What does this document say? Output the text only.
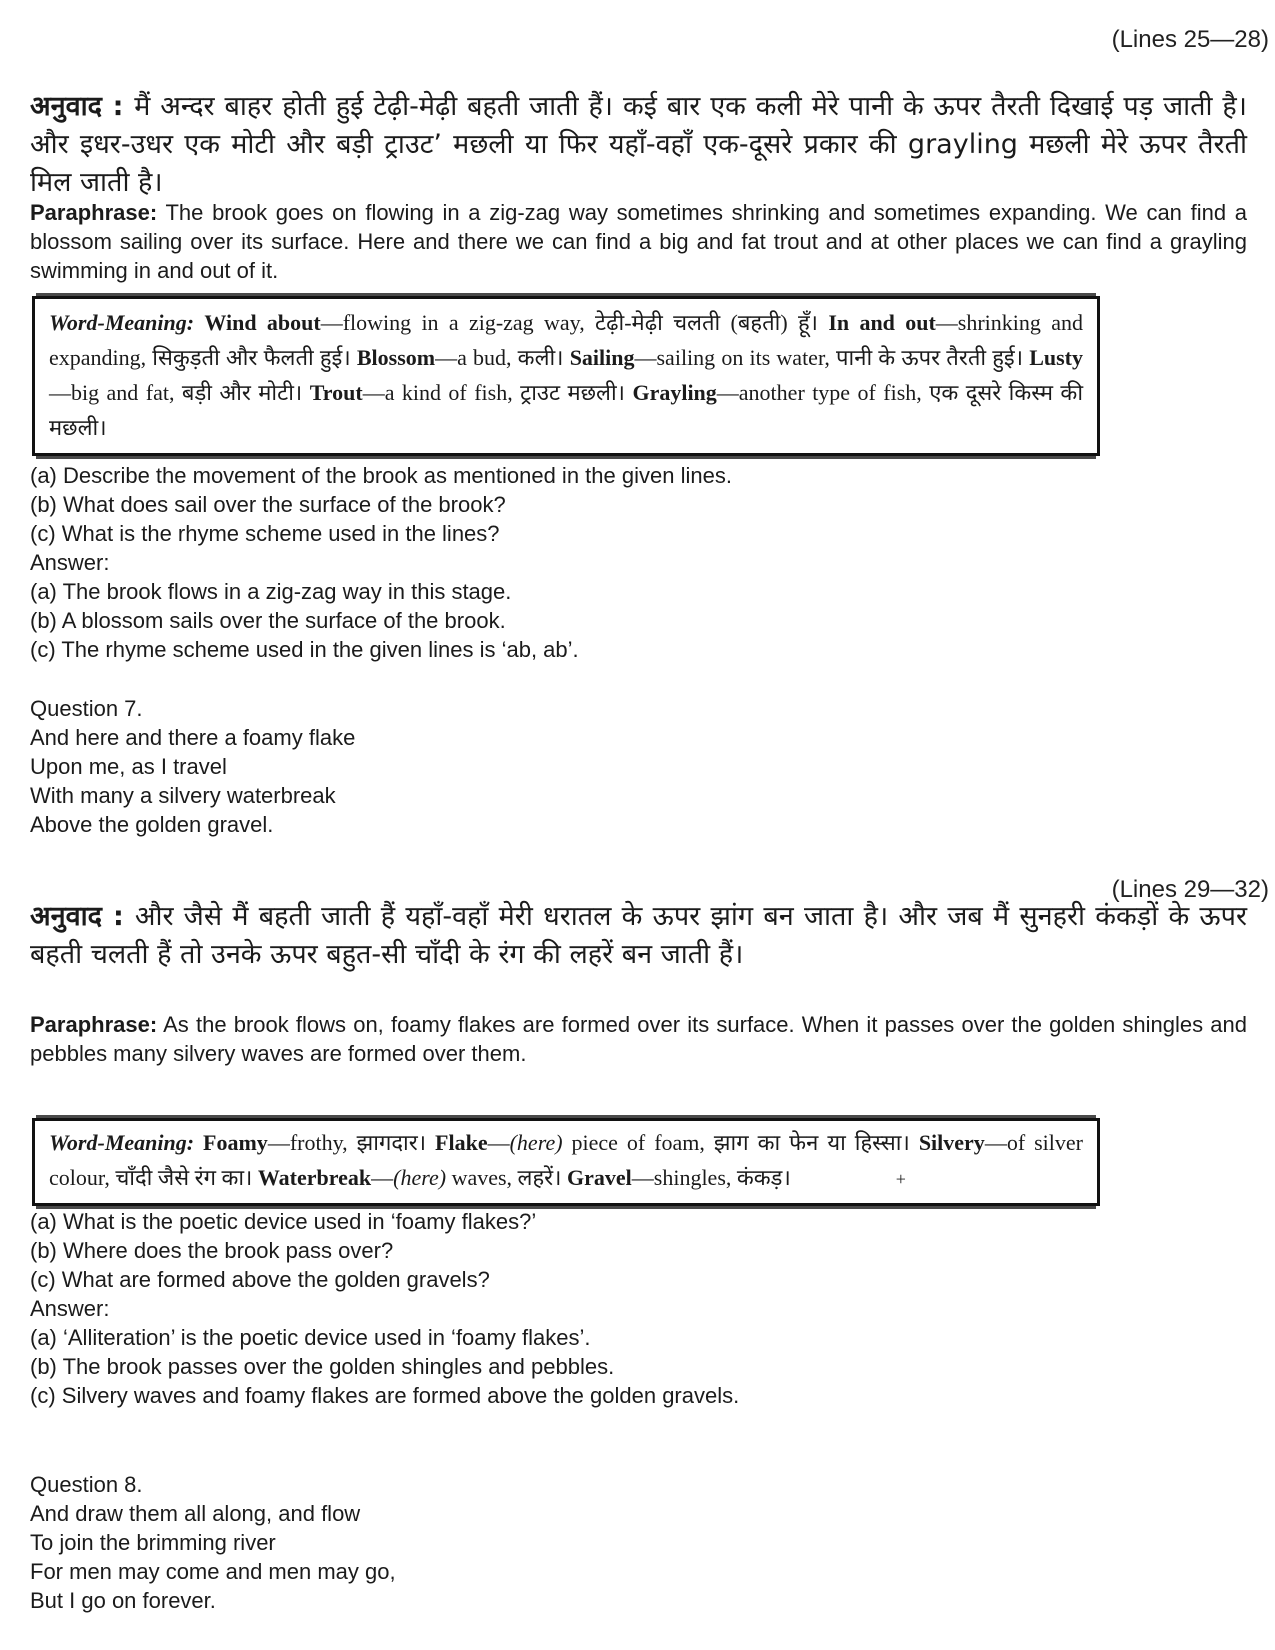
(Lines 25—28)

अनुवाद : मैं अन्दर बाहर होती हुई टेढ़ी-मेढ़ी बहती जाती हैं। कई बार एक कली मेरे पानी के ऊपर तैरती दिखाई पड़ जाती है। और इधर-उधर एक मोटी और बड़ी ट्राउट’ मछली या फिर यहाँ-वहाँ एक-दूसरे प्रकार की grayling मछली मेरे ऊपर तैरती मिल जाती है।

Paraphrase: The brook goes on flowing in a zig-zag way sometimes shrinking and sometimes expanding. We can find a blossom sailing over its surface. Here and there we can find a big and fat trout and at other places we can find a grayling swimming in and out of it.

Word-Meaning: Wind about—flowing in a zig-zag way, टेढ़ी-मेढ़ी चलती (बहती) हूँ। In and out—shrinking and expanding, सिकुड़ती और फैलती हुई। Blossom—a bud, कली। Sailing—sailing on its water, पानी के ऊपर तैरती हुई। Lusty—big and fat, बड़ी और मोटी। Trout—a kind of fish, ट्राउट मछली। Grayling—another type of fish, एक दूसरे किस्म की मछली।

(a) Describe the movement of the brook as mentioned in the given lines.
(b) What does sail over the surface of the brook?
(c) What is the rhyme scheme used in the lines?
Answer:
(a) The brook flows in a zig-zag way in this stage.
(b) A blossom sails over the surface of the brook.
(c) The rhyme scheme used in the given lines is ‘ab, ab’.
Question 7.
And here and there a foamy flake
Upon me, as I travel
With many a silvery waterbreak
Above the golden gravel.
(Lines 29—32)

अनुवाद : और जैसे मैं बहती जाती हैं यहाँ-वहाँ मेरी धरातल के ऊपर झांग बन जाता है। और जब मैं सुनहरी कंकड़ों के ऊपर बहती चलती हैं तो उनके ऊपर बहुत-सी चाँदी के रंग की लहरें बन जाती हैं।

Paraphrase: As the brook flows on, foamy flakes are formed over its surface. When it passes over the golden shingles and pebbles many silvery waves are formed over them.

Word-Meaning: Foamy—frothy, झागदार। Flake—(here) piece of foam, झाग का फेन या हिस्सा। Silvery—of silver colour, चाँदी जैसे रंग का। Waterbreak—(here) waves, लहरें। Gravel—shingles, कंकड़।	+

(a) What is the poetic device used in ‘foamy flakes?’
(b) Where does the brook pass over?
(c) What are formed above the golden gravels?
Answer:
(a) ‘Alliteration’ is the poetic device used in ‘foamy flakes’.
(b) The brook passes over the golden shingles and pebbles.
(c) Silvery waves and foamy flakes are formed above the golden gravels.
Question 8.
And draw them all along, and flow
To join the brimming river
For men may come and men may go,
But I go on forever.
